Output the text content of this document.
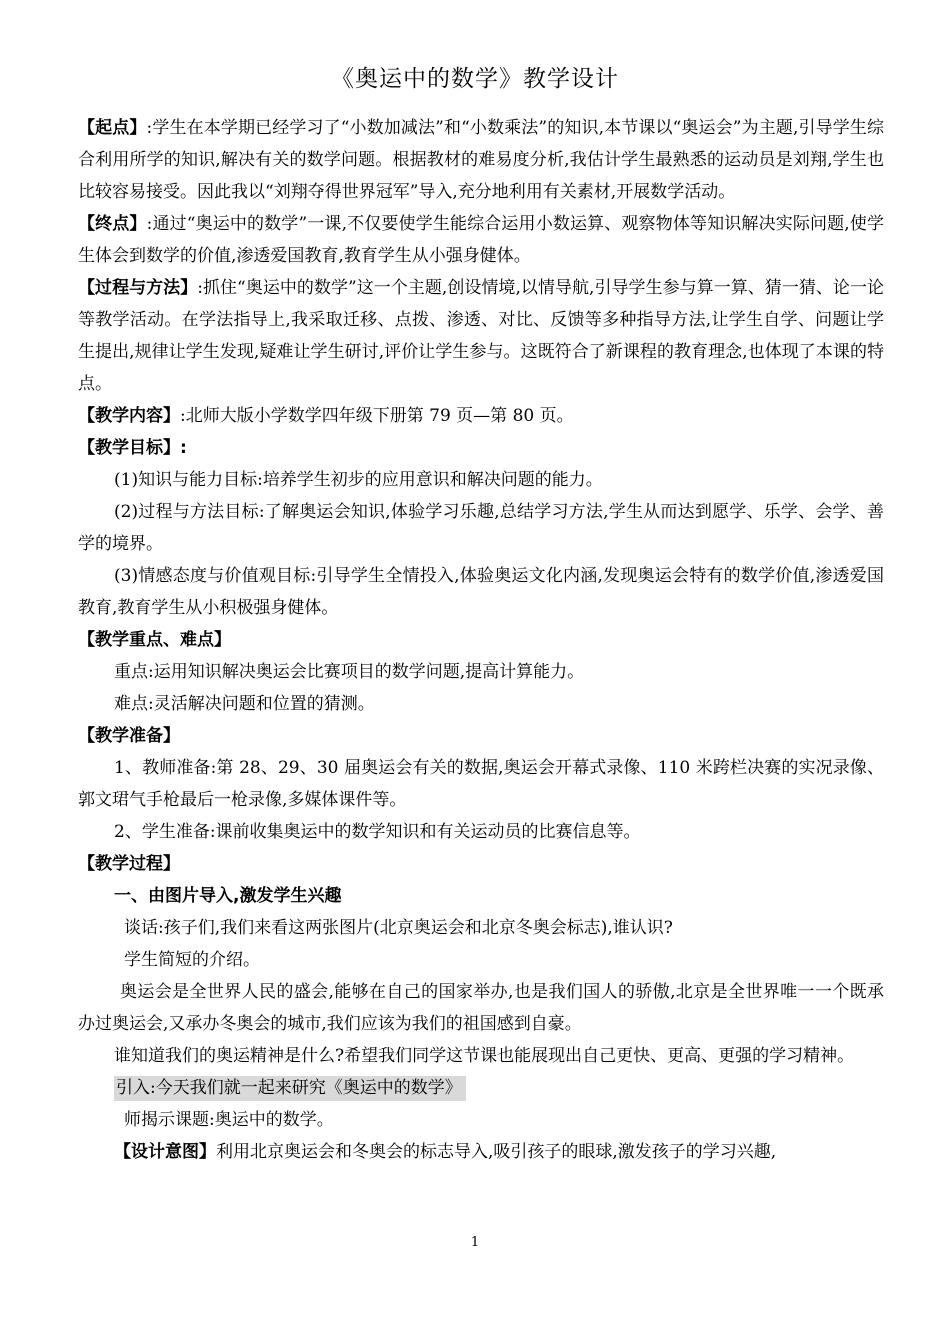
《奥运中的数学》教学设计

【起点】:学生在本学期已经学习了“小数加减法”和“小数乘法”的知识,本节课以“奥运会”为主题,引导学生综合利用所学的知识,解决有关的数学问题。根据教材的难易度分析,我估计学生最熟悉的运动员是刘翔,学生也比较容易接受。因此我以“刘翔夺得世界冠军”导入,充分地利用有关素材,开展数学活动。

【终点】:通过“奥运中的数学”一课,不仅要使学生能综合运用小数运算、观察物体等知识解决实际问题,使学生体会到数学的价值,渗透爱国教育,教育学生从小强身健体。

【过程与方法】:抓住“奥运中的数学”这一个主题,创设情境,以情导航,引导学生参与算一算、猜一猜、论一论等教学活动。在学法指导上,我采取迁移、点拨、渗透、对比、反馈等多种指导方法,让学生自学、问题让学生提出,规律让学生发现,疑难让学生研讨,评价让学生参与。这既符合了新课程的教育理念,也体现了本课的特点。

【教学内容】:北师大版小学数学四年级下册第 79 页—第 80 页。

【教学目标】:

(1)知识与能力目标:培养学生初步的应用意识和解决问题的能力。

(2)过程与方法目标:了解奥运会知识,体验学习乐趣,总结学习方法,学生从而达到愿学、乐学、会学、善学的境界。

(3)情感态度与价值观目标:引导学生全情投入,体验奥运文化内涵,发现奥运会特有的数学价值,渗透爱国教育,教育学生从小积极强身健体。

【教学重点、难点】

重点:运用知识解决奥运会比赛项目的数学问题,提高计算能力。

难点:灵活解决问题和位置的猜测。

【教学准备】

1、教师准备:第 28、29、30 届奥运会有关的数据,奥运会开幕式录像、110 米跨栏决赛的实况录像、郭文珺气手枪最后一枪录像,多媒体课件等。

2、学生准备:课前收集奥运中的数学知识和有关运动员的比赛信息等。

【教学过程】
一、由图片导入,激发学生兴趣

谈话:孩子们,我们来看这两张图片(北京奥运会和北京冬奥会标志),谁认识?

学生简短的介绍。

奥运会是全世界人民的盛会,能够在自己的国家举办,也是我们国人的骄傲,北京是全世界唯一一个既承办过奥运会,又承办冬奥会的城市,我们应该为我们的祖国感到自豪。

谁知道我们的奥运精神是什么?希望我们同学这节课也能展现出自己更快、更高、更强的学习精神。

引入:今天我们就一起来研究《奥运中的数学》

师揭示课题:奥运中的数学。

【设计意图】利用北京奥运会和冬奥会的标志导入,吸引孩子的眼球,激发孩子的学习兴趣,

1
